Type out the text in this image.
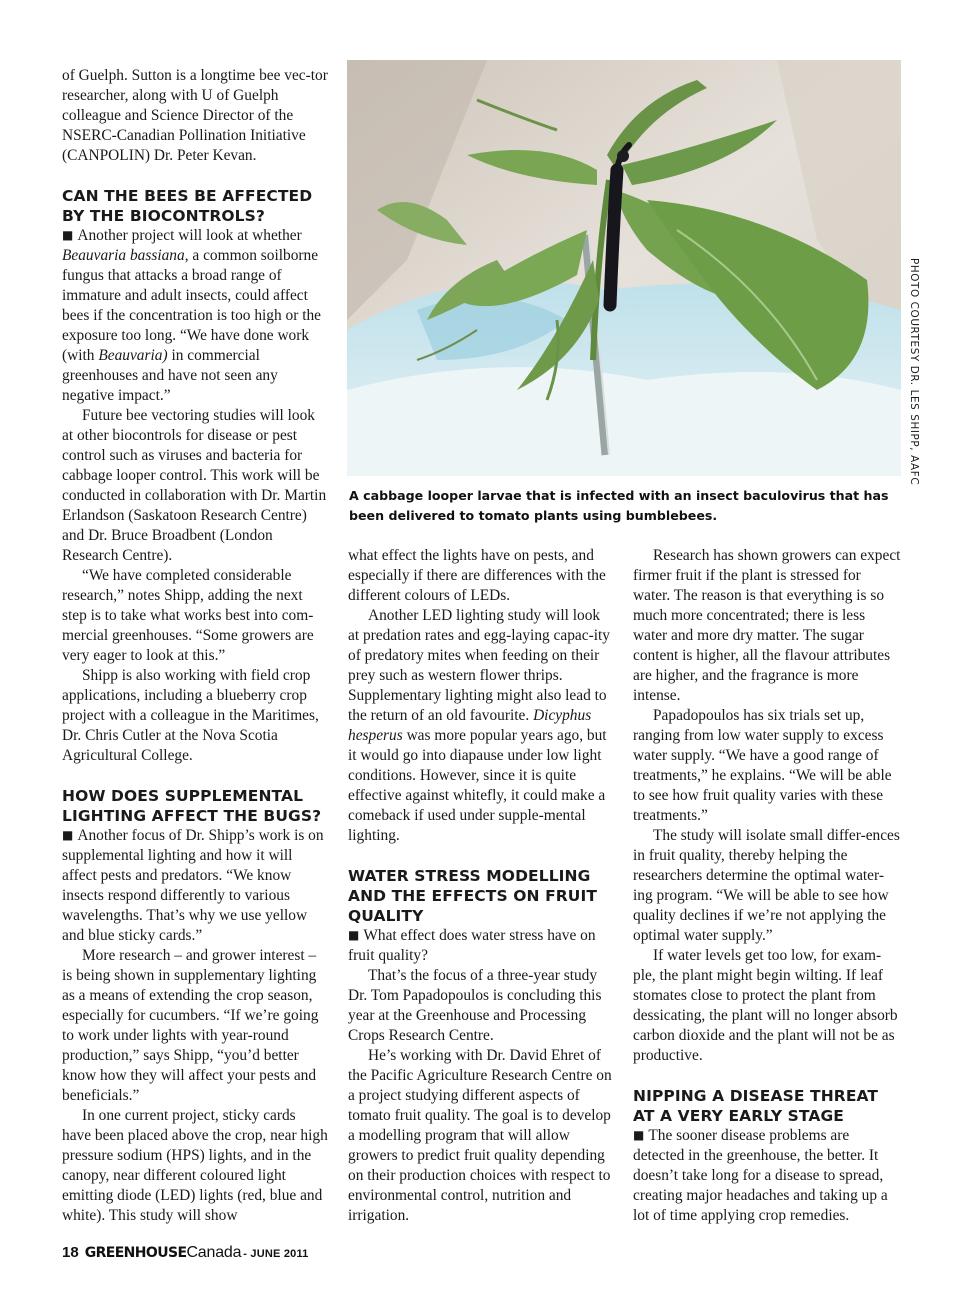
of Guelph. Sutton is a longtime bee vec-tor researcher, along with U of Guelph colleague and Science Director of the NSERC-Canadian Pollination Initiative (CANPOLIN) Dr. Peter Kevan.

CAN THE BEES BE AFFECTED BY THE BIOCONTROLS?

■ Another project will look at whether Beauvaria bassiana, a common soilborne fungus that attacks a broad range of immature and adult insects, could affect bees if the concentration is too high or the exposure too long. “We have done work (with Beauvaria) in commercial greenhouses and have not seen any negative impact.”

Future bee vectoring studies will look at other biocontrols for disease or pest control such as viruses and bacteria for cabbage looper control. This work will be conducted in collaboration with Dr. Martin Erlandson (Saskatoon Research Centre) and Dr. Bruce Broadbent (London Research Centre).

“We have completed considerable research,” notes Shipp, adding the next step is to take what works best into com-mercial greenhouses. “Some growers are very eager to look at this.”

Shipp is also working with field crop applications, including a blueberry crop project with a colleague in the Maritimes, Dr. Chris Cutler at the Nova Scotia Agricultural College.

HOW DOES SUPPLEMENTAL LIGHTING AFFECT THE BUGS?

■ Another focus of Dr. Shipp’s work is on supplemental lighting and how it will affect pests and predators. “We know insects respond differently to various wavelengths. That’s why we use yellow and blue sticky cards.”

More research – and grower interest – is being shown in supplementary lighting as a means of extending the crop season, especially for cucumbers. “If we’re going to work under lights with year-round production,” says Shipp, “you’d better know how they will affect your pests and beneficials.”

In one current project, sticky cards have been placed above the crop, near high pressure sodium (HPS) lights, and in the canopy, near different coloured light emitting diode (LED) lights (red, blue and white). This study will show

PHOTO COURTESY DR. LES SHIPP, AAFC
A cabbage looper larvae that is infected with an insect baculovirus that has been delivered to tomato plants using bumblebees.

what effect the lights have on pests, and especially if there are differences with the different colours of LEDs.

Another LED lighting study will look at predation rates and egg-laying capac-ity of predatory mites when feeding on their prey such as western flower thrips. Supplementary lighting might also lead to the return of an old favourite. Dicyphus hesperus was more popular years ago, but it would go into diapause under low light conditions. However, since it is quite effective against whitefly, it could make a comeback if used under supple-mental lighting.

WATER STRESS MODELLING AND THE EFFECTS ON FRUIT QUALITY

■ What effect does water stress have on fruit quality?

That’s the focus of a three-year study Dr. Tom Papadopoulos is concluding this year at the Greenhouse and Processing Crops Research Centre.

He’s working with Dr. David Ehret of the Pacific Agriculture Research Centre on a project studying different aspects of tomato fruit quality. The goal is to develop a modelling program that will allow growers to predict fruit quality depending on their production choices with respect to environmental control, nutrition and irrigation.

Research has shown growers can expect firmer fruit if the plant is stressed for water. The reason is that everything is so much more concentrated; there is less water and more dry matter. The sugar content is higher, all the flavour attributes are higher, and the fragrance is more intense.

Papadopoulos has six trials set up, ranging from low water supply to excess water supply. “We have a good range of treatments,” he explains. “We will be able to see how fruit quality varies with these treatments.”

The study will isolate small differ-ences in fruit quality, thereby helping the researchers determine the optimal water-ing program. “We will be able to see how quality declines if we’re not applying the optimal water supply.”

If water levels get too low, for exam-ple, the plant might begin wilting. If leaf stomates close to protect the plant from dessicating, the plant will no longer absorb carbon dioxide and the plant will not be as productive.

NIPPING A DISEASE THREAT AT A VERY EARLY STAGE

■ The sooner disease problems are detected in the greenhouse, the better. It doesn’t take long for a disease to spread, creating major headaches and taking up a lot of time applying crop remedies.

18 GREENHOUSECanada - JUNE 2011
